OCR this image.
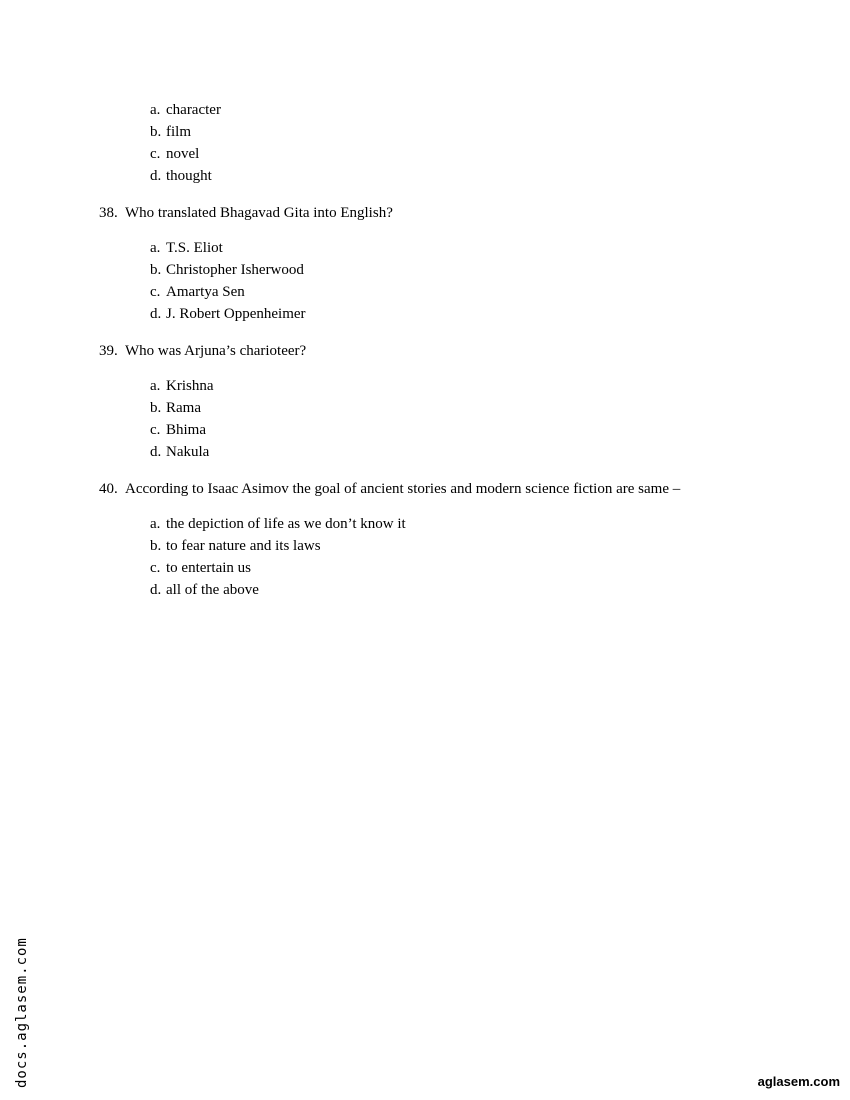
a. character
b. film
c. novel
d. thought
38. Who translated Bhagavad Gita into English?
a. T.S. Eliot
b. Christopher Isherwood
c. Amartya Sen
d. J. Robert Oppenheimer
39. Who was Arjuna’s charioteer?
a. Krishna
b. Rama
c. Bhima
d. Nakula
40. According to Isaac Asimov the goal of ancient stories and modern science fiction are same –
a. the depiction of life as we don’t know it
b. to fear nature and its laws
c. to entertain us
d. all of the above
docs.aglasem.com	aglasem.com
